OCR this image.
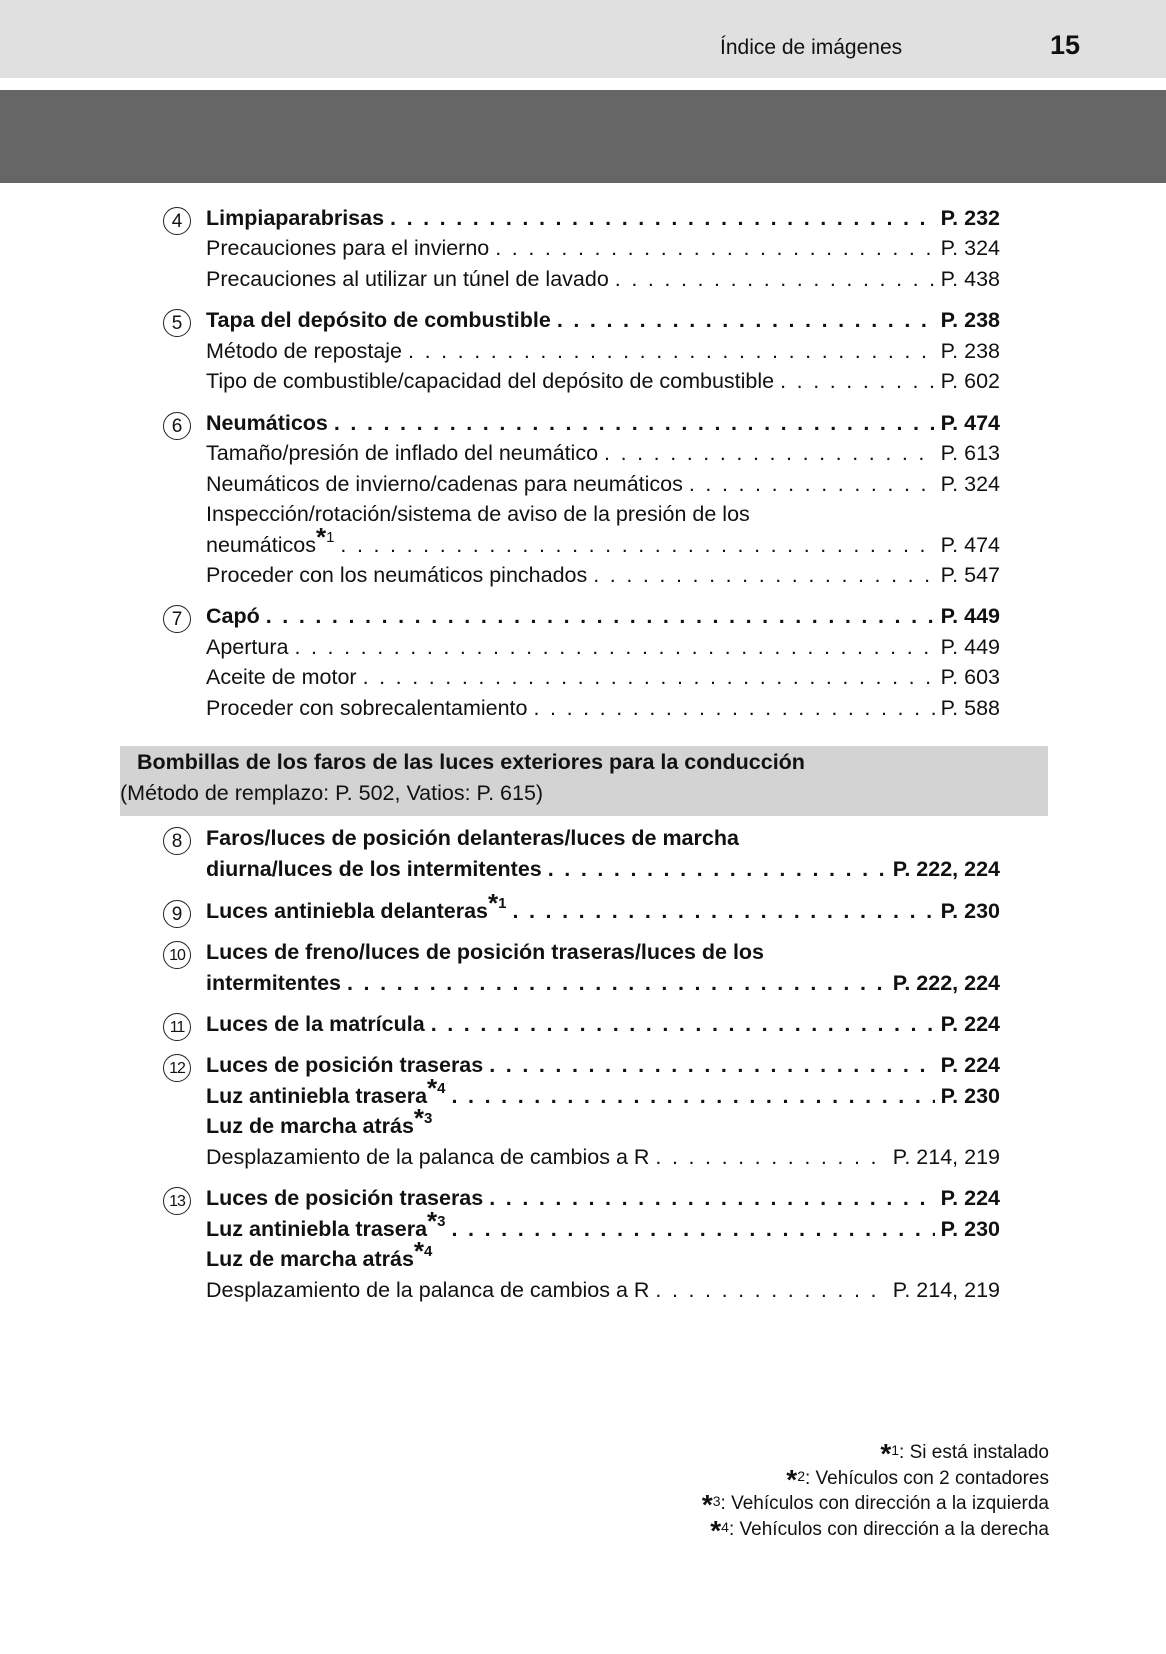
Índice de imágenes	15
4	Limpiaparabrisas . . .	P. 232
Precauciones para el invierno . . .	P. 324
Precauciones al utilizar un túnel de lavado . . .	P. 438
5	Tapa del depósito de combustible . . .	P. 238
Método de repostaje . . .	P. 238
Tipo de combustible/capacidad del depósito de combustible . . .	P. 602
6	Neumáticos . . .	P. 474
Tamaño/presión de inflado del neumático . . .	P. 613
Neumáticos de invierno/cadenas para neumáticos . . .	P. 324
Inspección/rotación/sistema de aviso de la presión de los
neumáticos$^{*1}$ . . .	P. 474
Proceder con los neumáticos pinchados . . .	P. 547
7	Capó . . .	P. 449
Apertura . . .	P. 449
Aceite de motor . . .	P. 603
Proceder con sobrecalentamiento . . .	P. 588
Bombillas de los faros de las luces exteriores para la conducción
(Método de remplazo: P. 502, Vatios: P. 615)
8	Faros/luces de posición delanteras/luces de marcha
diurna/luces de los intermitentes . . .	P. 222, 224
9	Luces antiniebla delanteras$^{*1}$ . . .	P. 230
10 Luces de freno/luces de posición traseras/luces de los
intermitentes . . .	P. 222, 224
11	Luces de la matrícula . . .	P. 224
12 Luces de posición traseras . . .	P. 224
Luz antiniebla trasera$^{*4}$ . . .	P. 230
Luz de marcha atrás$^{*3}$
Desplazamiento de la palanca de cambios a R . . .	P. 214, 219
13 Luces de posición traseras . . .	P. 224
Luz antiniebla trasera$^{*3}$ . . .	P. 230
Luz de marcha atrás$^{*4}$
Desplazamiento de la palanca de cambios a R . . .	P. 214, 219
*1: Si está instalado
*2: Vehículos con 2 contadores
*3: Vehículos con dirección a la izquierda
*4: Vehículos con dirección a la derecha
